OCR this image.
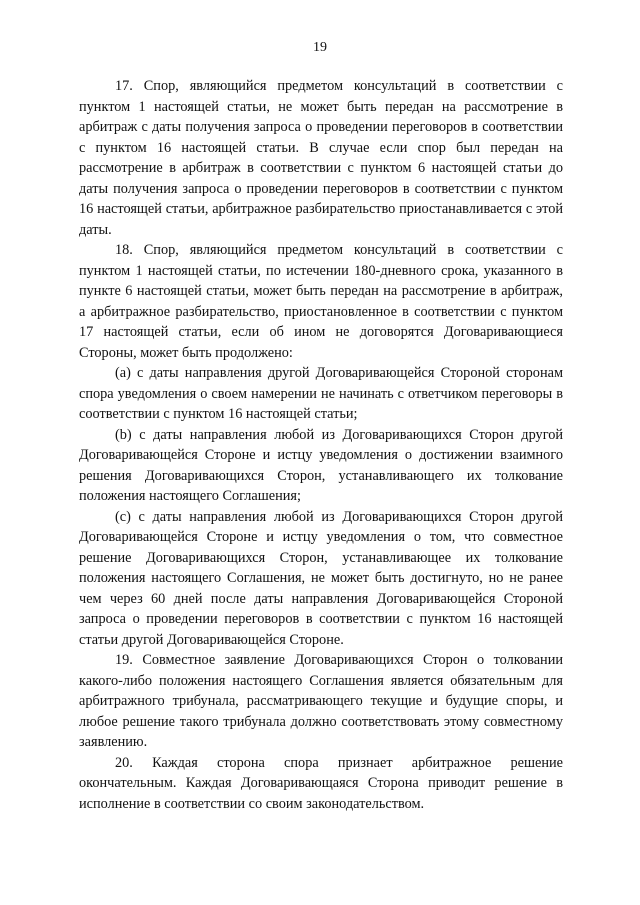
19

17. Спор, являющийся предметом консультаций в соответствии с пунктом 1 настоящей статьи, не может быть передан на рассмотрение в арбитраж с даты получения запроса о проведении переговоров в соответствии с пунктом 16 настоящей статьи. В случае если спор был передан на рассмотрение в арбитраж в соответствии с пунктом 6 настоящей статьи до даты получения запроса о проведении переговоров в соответствии с пунктом 16 настоящей статьи, арбитражное разбирательство приостанавливается с этой даты.

18. Спор, являющийся предметом консультаций в соответствии с пунктом 1 настоящей статьи, по истечении 180-дневного срока, указанного в пункте 6 настоящей статьи, может быть передан на рассмотрение в арбитраж, а арбитражное разбирательство, приостановленное в соответствии с пунктом 17 настоящей статьи, если об ином не договорятся Договаривающиеся Стороны, может быть продолжено:

(a) с даты направления другой Договаривающейся Стороной сторонам спора уведомления о своем намерении не начинать с ответчиком переговоры в соответствии с пунктом 16 настоящей статьи;

(b) с даты направления любой из Договаривающихся Сторон другой Договаривающейся Стороне и истцу уведомления о достижении взаимного решения Договаривающихся Сторон, устанавливающего их толкование положения настоящего Соглашения;

(c) с даты направления любой из Договаривающихся Сторон другой Договаривающейся Стороне и истцу уведомления о том, что совместное решение Договаривающихся Сторон, устанавливающее их толкование положения настоящего Соглашения, не может быть достигнуто, но не ранее чем через 60 дней после даты направления Договаривающейся Стороной запроса о проведении переговоров в соответствии с пунктом 16 настоящей статьи другой Договаривающейся Стороне.

19. Совместное заявление Договаривающихся Сторон о толковании какого-либо положения настоящего Соглашения является обязательным для арбитражного трибунала, рассматривающего текущие и будущие споры, и любое решение такого трибунала должно соответствовать этому совместному заявлению.

20. Каждая сторона спора признает арбитражное решение окончательным. Каждая Договаривающаяся Сторона приводит решение в исполнение в соответствии со своим законодательством.
